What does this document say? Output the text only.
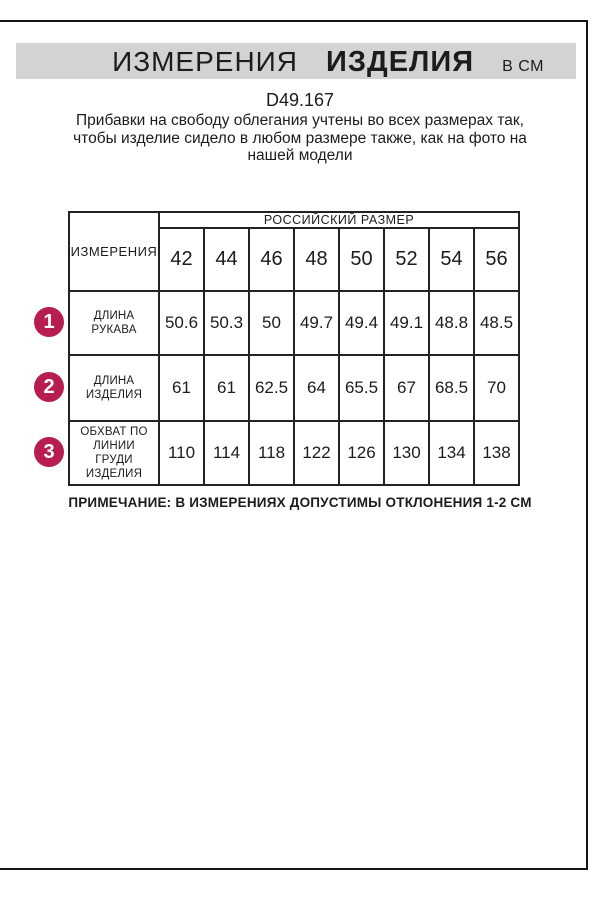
ИЗМЕРЕНИЯ ИЗДЕЛИЯ В СМ
D49.167
Прибавки на свободу облегания учтены во всех размерах так, чтобы изделие сидело в любом размере также, как на фото на нашей модели
ИЗМЕРЕНИЯ	РОССИЙСКИЙ РАЗМЕР							
	42	44	46	48	50	52	54	56
ДЛИНА РУКАВА	50.6	50.3	50	49.7	49.4	49.1	48.8	48.5
ДЛИНА ИЗДЕЛИЯ	61	61	62.5	64	65.5	67	68.5	70
ОБХВАТ ПО ЛИНИИ ГРУДИ ИЗДЕЛИЯ	110	114	118	122	126	130	134	138
1
2
3
ПРИМЕЧАНИЕ: В ИЗМЕРЕНИЯХ ДОПУСТИМЫ ОТКЛОНЕНИЯ 1-2 СМ
